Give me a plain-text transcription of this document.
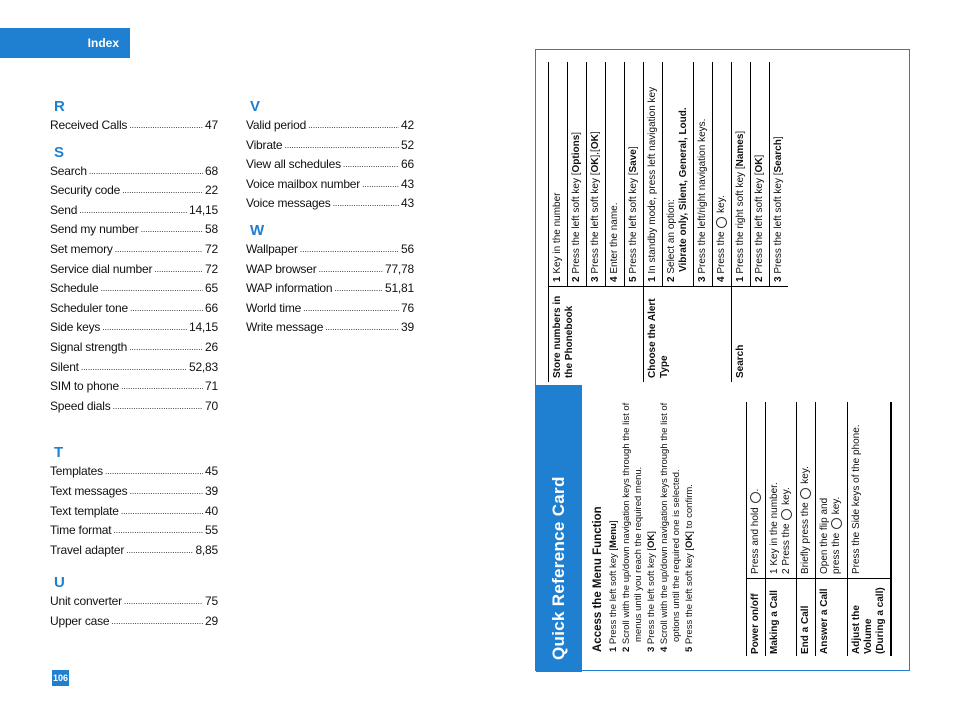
Index
R
Received Calls .....	47
S
Search .....	68
Security code .....	22
Send .....	14,15
Send my number .....	58
Set memory .....	72
Service dial number .....	72
Schedule .....	65
Scheduler tone .....	66
Side keys .....	14,15
Signal strength .....	26
Silent .....	52,83
SIM to phone .....	71
Speed dials .....	70
T
Templates .....	45
Text messages .....	39
Text template .....	40
Time format .....	55
Travel adapter .....	8,85
U
Unit converter .....	75
Upper case .....	29
V
Valid period .....	42
Vibrate .....	52
View all schedules .....	66
Voice mailbox number .....	43
Voice messages .....	43
W
Wallpaper .....	56
WAP browser .....	77,78
WAP information .....	51,81
World time .....	76
Write message .....	39
106
Quick Reference Card Access the Menu Function 1 Press the left soft key [Menu]
2 Scroll with the up/down navigation keys through the list of menus until you reach the required menu.
3 Press the left soft key [OK]
4 Scroll with the up/down navigation keys through the list of options until the required one is selected.
5 Press the left soft key [OK] to confirm.
Power on/off
Press and hold .
Making a Call
1 Key in the number. 2 Press the  key.
End a Call
Briefly press the  key.
Answer a Call
Open the flip and press the  key.
Adjust the Volume (During a call)
Press the Side keys of the phone.
Store numbers in the Phonebook
1 Key in the number
2 Press the left soft key [Options]
3 Press the left soft key [OK],[OK]
4 Enter the name.
5 Press the left soft key [Save]
Choose the Alert Type
1 In standby mode, press left navigation key
2 Select an option: Vibrate only, Silent, General, Loud.
3 Press the left/right navigation keys.
4 Press the  key.
Search
1 Press the right soft key [Names]
2 Press the left soft key [OK]
3 Press the left soft key [Search]
